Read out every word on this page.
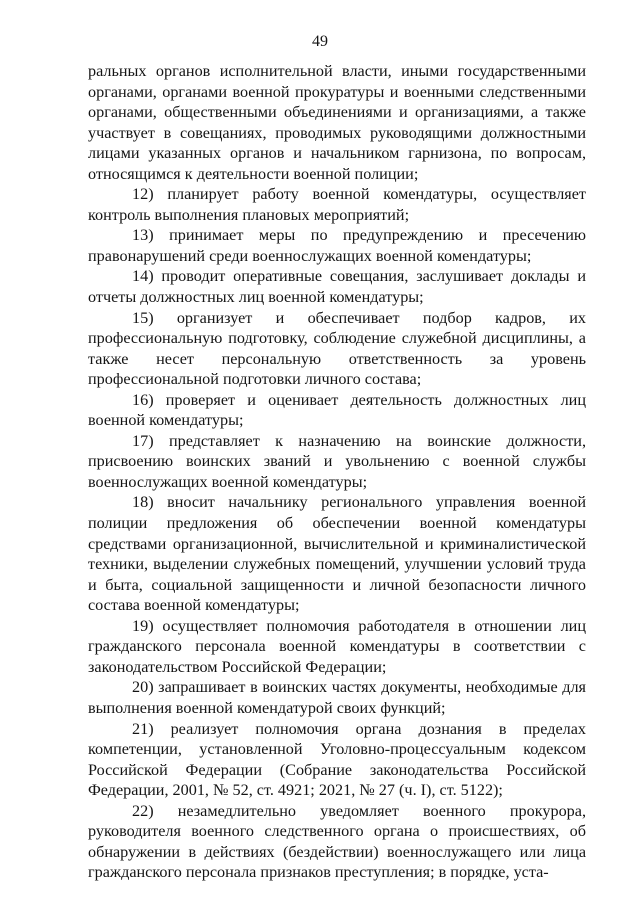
49

ральных органов исполнительной власти, иными государственными органами, органами военной прокуратуры и военными следственными органами, общественными объединениями и организациями, а также участвует в совещаниях, проводимых руководящими должностными лицами указанных органов и начальником гарнизона, по вопросам, относящимся к деятельности военной полиции;

12) планирует работу военной комендатуры, осуществляет контроль выполнения плановых мероприятий;

13) принимает меры по предупреждению и пресечению правонарушений среди военнослужащих военной комендатуры;

14) проводит оперативные совещания, заслушивает доклады и отчеты должностных лиц военной комендатуры;

15) организует и обеспечивает подбор кадров, их профессиональную подготовку, соблюдение служебной дисциплины, а также несет персональную ответственность за уровень профессиональной подготовки личного состава;

16) проверяет и оценивает деятельность должностных лиц военной комендатуры;

17) представляет к назначению на воинские должности, присвоению воинских званий и увольнению с военной службы военнослужащих военной комендатуры;

18) вносит начальнику регионального управления военной полиции предложения об обеспечении военной комендатуры средствами организационной, вычислительной и криминалистической техники, выделении служебных помещений, улучшении условий труда и быта, социальной защищенности и личной безопасности личного состава военной комендатуры;

19) осуществляет полномочия работодателя в отношении лиц гражданского персонала военной комендатуры в соответствии с законодательством Российской Федерации;

20) запрашивает в воинских частях документы, необходимые для выполнения военной комендатурой своих функций;

21) реализует полномочия органа дознания в пределах компетенции, установленной Уголовно-процессуальным кодексом Российской Федерации (Собрание законодательства Российской Федерации, 2001, № 52, ст. 4921; 2021, № 27 (ч. I), ст. 5122);

22) незамедлительно уведомляет военного прокурора, руководителя военного следственного органа о происшествиях, об обнаружении в действиях (бездействии) военнослужащего или лица гражданского персонала признаков преступления; в порядке, уста-
